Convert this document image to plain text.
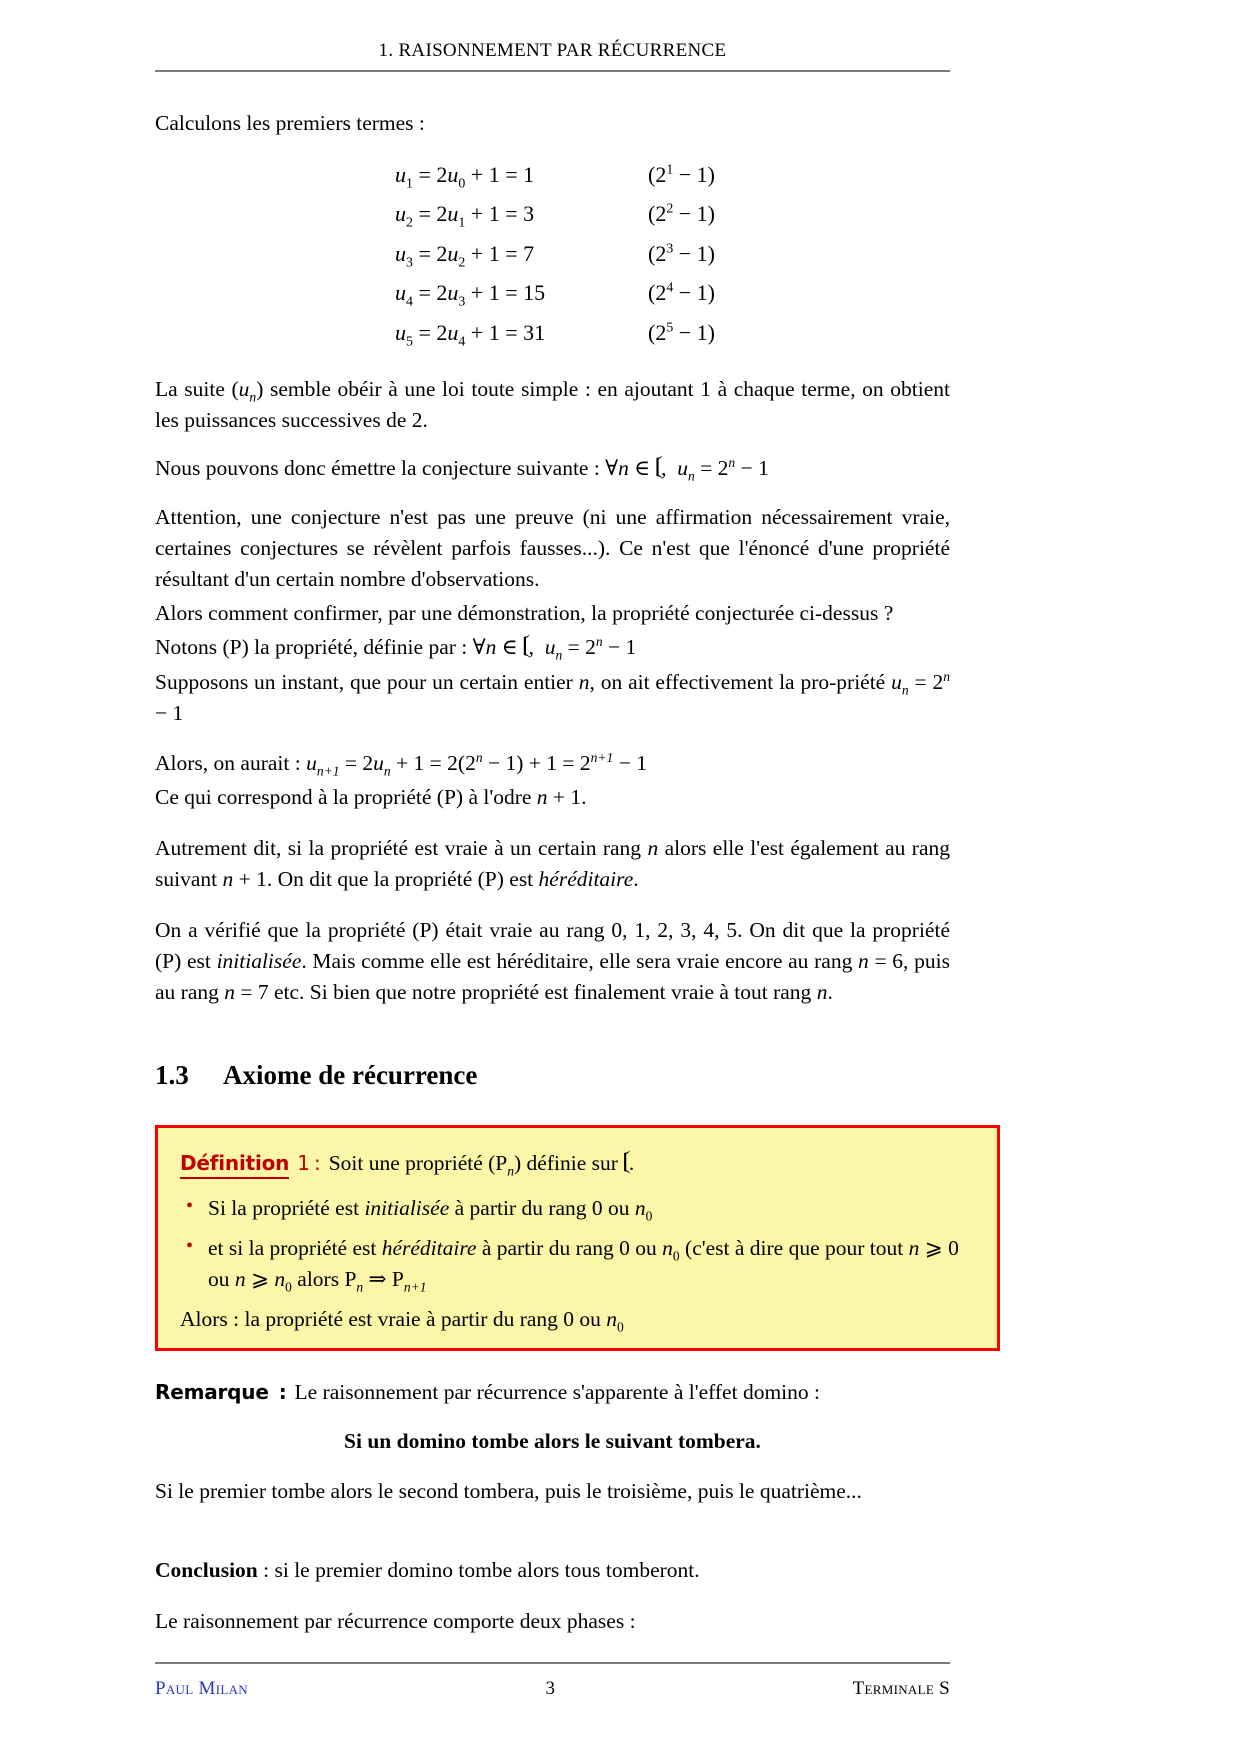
1. RAISONNEMENT PAR RÉCURRENCE
Calculons les premiers termes :
$u_1 = 2u_0 + 1 = 1$	$(2^1 - 1)$
$u_2 = 2u_1 + 1 = 3$	$(2^2 - 1)$
$u_3 = 2u_2 + 1 = 7$	$(2^3 - 1)$
$u_4 = 2u_3 + 1 = 15$	$(2^4 - 1)$
$u_5 = 2u_4 + 1 = 31$	$(2^5 - 1)$
La suite $(u_n)$ semble obéir à une loi toute simple : en ajoutant 1 à chaque terme, on obtient les puissances successives de 2.
Nous pouvons donc émettre la conjecture suivante : ∀n ∈ 𝄕 ,  $u_n = 2^n - 1$
Attention, une conjecture n'est pas une preuve (ni une affirmation nécessairement vraie, certaines conjectures se révèlent parfois fausses...). Ce n'est que l'énoncé d'une propriété résultant d'un certain nombre d'observations.
Alors comment confirmer, par une démonstration, la propriété conjecturée ci-dessus ?
Notons (P) la propriété, définie par : ∀n ∈ 𝄕 ,  $u_n = 2^n - 1$
Supposons un instant, que pour un certain entier n, on ait effectivement la pro-priété $u_n = 2^n - 1$
Alors, on aurait : $u_{n+1} = 2u_n + 1 = 2(2^n - 1) + 1 = 2^{n+1} - 1$
Ce qui correspond à la propriété (P) à l'odre n + 1.
Autrement dit, si la propriété est vraie à un certain rang n alors elle l'est également au rang suivant n + 1. On dit que la propriété (P) est héréditaire.
On a vérifié que la propriété (P) était vraie au rang 0, 1, 2, 3, 4, 5. On dit que la propriété (P) est initialisée. Mais comme elle est héréditaire, elle sera vraie encore au rang n = 6, puis au rang n = 7 etc. Si bien que notre propriété est finalement vraie à tout rang n.
1.3 Axiome de récurrence
Définition 1 : Soit une propriété $(P_n)$ définie sur 𝄕 .
• Si la propriété est initialisée à partir du rang 0 ou $n_0$
• et si la propriété est héréditaire à partir du rang 0 ou $n_0$ (c'est à dire que pour tout n ⩾ 0 ou n ⩾ $n_0$ alors $P_n$ ⇒ $P_{n+1}$
Alors : la propriété est vraie à partir du rang 0 ou $n_0$
Remarque : Le raisonnement par récurrence s'apparente à l'effet domino :
Si un domino tombe alors le suivant tombera.
Si le premier tombe alors le second tombera, puis le troisième, puis le quatrième...
Conclusion : si le premier domino tombe alors tous tomberont.
Le raisonnement par récurrence comporte deux phases :
Paul Milan	3	Terminale S
